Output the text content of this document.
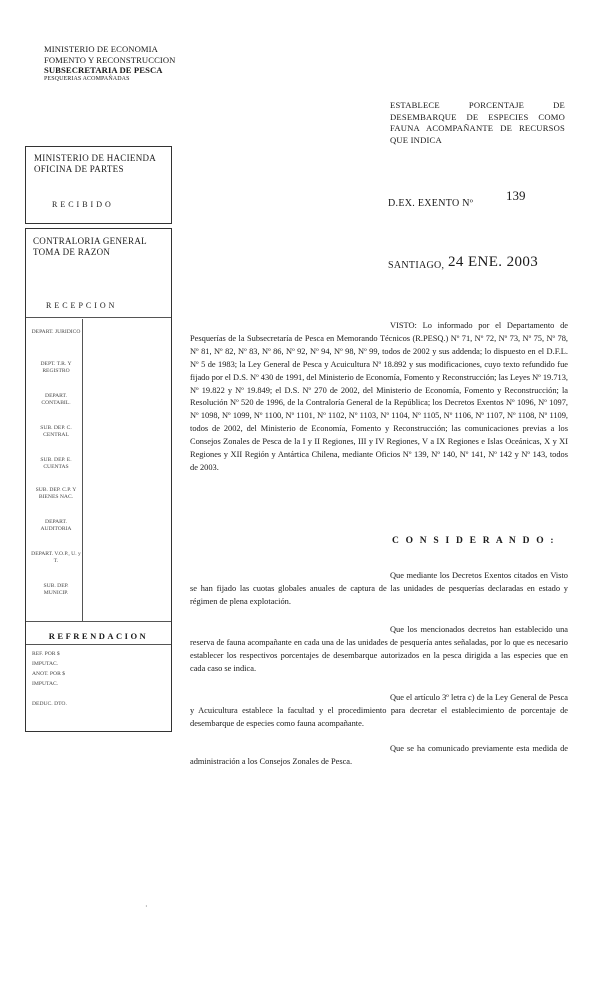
MINISTERIO DE ECONOMIA
FOMENTO Y RECONSTRUCCION
SUBSECRETARIA DE PESCA
PESQUERIAS ACOMPAÑADAS
ESTABLECE PORCENTAJE DE DESEMBARQUE DE ESPECIES COMO FAUNA ACOMPAÑANTE DE RECURSOS QUE INDICA
D.EX. EXENTO Nº
139
SANTIAGO, 24 ENE. 2003
MINISTERIO DE HACIENDA
OFICINA DE PARTES
RECIBIDO
CONTRALORIA GENERAL
TOMA DE RAZON
RECEPCION
DEPART. JURIDICO
DEPT. T.R. Y REGISTRO
DEPART. CONTABIL.
SUB. DEP. C. CENTRAL
SUB. DEP. E. CUENTAS
SUB. DEP. C.P. Y BIENES NAC.
DEPART. AUDITORIA
DEPART. V.O.P., U. y T.
SUB. DEP. MUNICIP.
REFRENDACION
REF. POR $
IMPUTAC.
ANOT. POR $
IMPUTAC.
DEDUC. DTO.
VISTO: Lo informado por el Departamento de Pesquerías de la Subsecretaría de Pesca en Memorando Técnicos (R.PESQ.) Nº 71, Nº 72, Nº 73, Nº 75, Nº 78, Nº 81, Nº 82, Nº 83, Nº 86, Nº 92, Nº 94, Nº 98, Nº 99, todos de 2002 y sus addenda; lo dispuesto en el D.F.L. Nº 5 de 1983; la Ley General de Pesca y Acuicultura Nº 18.892 y sus modificaciones, cuyo texto refundido fue fijado por el D.S. Nº 430 de 1991, del Ministerio de Economía, Fomento y Reconstrucción; las Leyes Nº 19.713, Nº 19.822 y Nº 19.849; el D.S. Nº 270 de 2002, del Ministerio de Economía, Fomento y Reconstrucción; la Resolución Nº 520 de 1996, de la Contraloría General de la República; los Decretos Exentos Nº 1096, Nº 1097, Nº 1098, Nº 1099, Nº 1100, Nº 1101, Nº 1102, Nº 1103, Nº 1104, Nº 1105, Nº 1106, Nº 1107, Nº 1108, Nº 1109, todos de 2002, del Ministerio de Economía, Fomento y Reconstrucción; las comunicaciones previas a los Consejos Zonales de Pesca de la I y II Regiones, III y IV Regiones, V a IX Regiones e Islas Oceánicas, X y XI Regiones y XII Región y Antártica Chilena, mediante Oficios Nº 139, Nº 140, Nº 141, Nº 142 y Nº 143, todos de 2003.
C O N S I D E R A N D O :
Que mediante los Decretos Exentos citados en Visto se han fijado las cuotas globales anuales de captura de las unidades de pesquerías declaradas en estado y régimen de plena explotación.
Que los mencionados decretos han establecido una reserva de fauna acompañante en cada una de las unidades de pesquería antes señaladas, por lo que es necesario establecer los respectivos porcentajes de desembarque autorizados en la pesca dirigida a las especies que en cada caso se indica.
Que el artículo 3º letra c) de la Ley General de Pesca y Acuicultura establece la facultad y el procedimiento para decretar el establecimiento de porcentaje de desembarque de especies como fauna acompañante.
Que se ha comunicado previamente esta medida de administración a los Consejos Zonales de Pesca.
·
